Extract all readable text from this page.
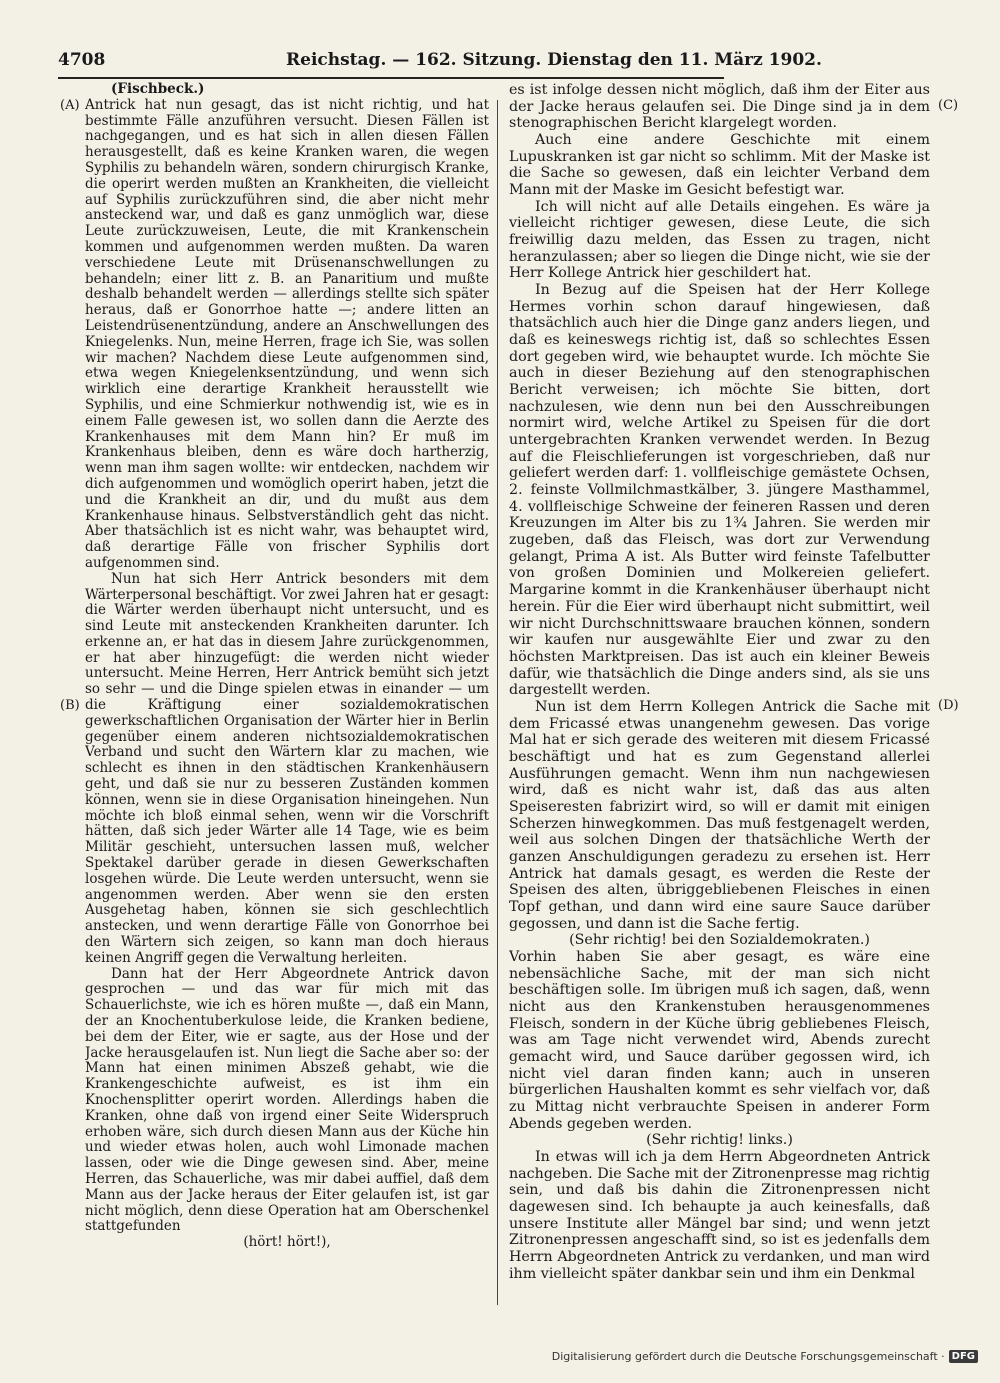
4708	Reichstag. — 162. Sitzung. Dienstag den 11. März 1902.
(A)
(B)
(C)
(D)

(Fischbeck.)

Antrick hat nun gesagt, das ist nicht richtig, und hat bestimmte Fälle anzuführen versucht. Diesen Fällen ist nachgegangen, und es hat sich in allen diesen Fällen herausgestellt, daß es keine Kranken waren, die wegen Syphilis zu behandeln wären, sondern chirurgisch Kranke, die operirt werden mußten an Krankheiten, die vielleicht auf Syphilis zurückzuführen sind, die aber nicht mehr ansteckend war, und daß es ganz unmöglich war, diese Leute zurückzuweisen, Leute, die mit Krankenschein kommen und aufgenommen werden mußten. Da waren verschiedene Leute mit Drüsenanschwellungen zu behandeln; einer litt z. B. an Panaritium und mußte deshalb behandelt werden — allerdings stellte sich später heraus, daß er Gonorrhoe hatte —; andere litten an Leistendrüsenentzündung, andere an Anschwellungen des Kniegelenks. Nun, meine Herren, frage ich Sie, was sollen wir machen? Nachdem diese Leute aufgenommen sind, etwa wegen Kniegelenksentzündung, und wenn sich wirklich eine derartige Krankheit herausstellt wie Syphilis, und eine Schmierkur nothwendig ist, wie es in einem Falle gewesen ist, wo sollen dann die Aerzte des Krankenhauses mit dem Mann hin? Er muß im Krankenhaus bleiben, denn es wäre doch hartherzig, wenn man ihm sagen wollte: wir entdecken, nachdem wir dich aufgenommen und womöglich operirt haben, jetzt die und die Krankheit an dir, und du mußt aus dem Krankenhause hinaus. Selbstverständlich geht das nicht. Aber thatsächlich ist es nicht wahr, was behauptet wird, daß derartige Fälle von frischer Syphilis dort aufgenommen sind.

Nun hat sich Herr Antrick besonders mit dem Wärterpersonal beschäftigt. Vor zwei Jahren hat er gesagt: die Wärter werden überhaupt nicht untersucht, und es sind Leute mit ansteckenden Krankheiten darunter. Ich erkenne an, er hat das in diesem Jahre zurückgenommen, er hat aber hinzugefügt: die werden nicht wieder untersucht. Meine Herren, Herr Antrick bemüht sich jetzt so sehr — und die Dinge spielen etwas in einander — um die Kräftigung einer sozialdemokratischen gewerkschaftlichen Organisation der Wärter hier in Berlin gegenüber einem anderen nichtsozialdemokratischen Verband und sucht den Wärtern klar zu machen, wie schlecht es ihnen in den städtischen Krankenhäusern geht, und daß sie nur zu besseren Zuständen kommen können, wenn sie in diese Organisation hineingehen. Nun möchte ich bloß einmal sehen, wenn wir die Vorschrift hätten, daß sich jeder Wärter alle 14 Tage, wie es beim Militär geschieht, untersuchen lassen muß, welcher Spektakel darüber gerade in diesen Gewerkschaften losgehen würde. Die Leute werden untersucht, wenn sie angenommen werden. Aber wenn sie den ersten Ausgehetag haben, können sie sich geschlechtlich anstecken, und wenn derartige Fälle von Gonorrhoe bei den Wärtern sich zeigen, so kann man doch hieraus keinen Angriff gegen die Verwaltung herleiten.

Dann hat der Herr Abgeordnete Antrick davon gesprochen — und das war für mich mit das Schauerlichste, wie ich es hören mußte —, daß ein Mann, der an Knochentuberkulose leide, die Kranken bediene, bei dem der Eiter, wie er sagte, aus der Hose und der Jacke herausgelaufen ist. Nun liegt die Sache aber so: der Mann hat einen minimen Abszeß gehabt, wie die Krankengeschichte aufweist, es ist ihm ein Knochensplitter operirt worden. Allerdings haben die Kranken, ohne daß von irgend einer Seite Widerspruch erhoben wäre, sich durch diesen Mann aus der Küche hin und wieder etwas holen, auch wohl Limonade machen lassen, oder wie die Dinge gewesen sind. Aber, meine Herren, das Schauerliche, was mir dabei auffiel, daß dem Mann aus der Jacke heraus der Eiter gelaufen ist, ist gar nicht möglich, denn diese Operation hat am Oberschenkel stattgefunden

(hört! hört!),

es ist infolge dessen nicht möglich, daß ihm der Eiter aus der Jacke heraus gelaufen sei. Die Dinge sind ja in dem stenographischen Bericht klargelegt worden.

Auch eine andere Geschichte mit einem Lupuskranken ist gar nicht so schlimm. Mit der Maske ist die Sache so gewesen, daß ein leichter Verband dem Mann mit der Maske im Gesicht befestigt war.

Ich will nicht auf alle Details eingehen. Es wäre ja vielleicht richtiger gewesen, diese Leute, die sich freiwillig dazu melden, das Essen zu tragen, nicht heranzulassen; aber so liegen die Dinge nicht, wie sie der Herr Kollege Antrick hier geschildert hat.

In Bezug auf die Speisen hat der Herr Kollege Hermes vorhin schon darauf hingewiesen, daß thatsächlich auch hier die Dinge ganz anders liegen, und daß es keineswegs richtig ist, daß so schlechtes Essen dort gegeben wird, wie behauptet wurde. Ich möchte Sie auch in dieser Beziehung auf den stenographischen Bericht verweisen; ich möchte Sie bitten, dort nachzulesen, wie denn nun bei den Ausschreibungen normirt wird, welche Artikel zu Speisen für die dort untergebrachten Kranken verwendet werden. In Bezug auf die Fleischlieferungen ist vorgeschrieben, daß nur geliefert werden darf: 1. vollfleischige gemästete Ochsen, 2. feinste Vollmilchmastkälber, 3. jüngere Masthammel, 4. vollfleischige Schweine der feineren Rassen und deren Kreuzungen im Alter bis zu 1¾ Jahren. Sie werden mir zugeben, daß das Fleisch, was dort zur Verwendung gelangt, Prima A ist. Als Butter wird feinste Tafelbutter von großen Dominien und Molkereien geliefert. Margarine kommt in die Krankenhäuser überhaupt nicht herein. Für die Eier wird überhaupt nicht submittirt, weil wir nicht Durchschnittswaare brauchen können, sondern wir kaufen nur ausgewählte Eier und zwar zu den höchsten Marktpreisen. Das ist auch ein kleiner Beweis dafür, wie thatsächlich die Dinge anders sind, als sie uns dargestellt werden.

Nun ist dem Herrn Kollegen Antrick die Sache mit dem Fricassé etwas unangenehm gewesen. Das vorige Mal hat er sich gerade des weiteren mit diesem Fricassé beschäftigt und hat es zum Gegenstand allerlei Ausführungen gemacht. Wenn ihm nun nachgewiesen wird, daß es nicht wahr ist, daß das aus alten Speiseresten fabrizirt wird, so will er damit mit einigen Scherzen hinwegkommen. Das muß festgenagelt werden, weil aus solchen Dingen der thatsächliche Werth der ganzen Anschuldigungen geradezu zu ersehen ist. Herr Antrick hat damals gesagt, es werden die Reste der Speisen des alten, übriggebliebenen Fleisches in einen Topf gethan, und dann wird eine saure Sauce darüber gegossen, und dann ist die Sache fertig.

(Sehr richtig! bei den Sozialdemokraten.)

Vorhin haben Sie aber gesagt, es wäre eine nebensächliche Sache, mit der man sich nicht beschäftigen solle. Im übrigen muß ich sagen, daß, wenn nicht aus den Krankenstuben herausgenommenes Fleisch, sondern in der Küche übrig gebliebenes Fleisch, was am Tage nicht verwendet wird, Abends zurecht gemacht wird, und Sauce darüber gegossen wird, ich nicht viel daran finden kann; auch in unseren bürgerlichen Haushalten kommt es sehr vielfach vor, daß zu Mittag nicht verbrauchte Speisen in anderer Form Abends gegeben werden.

(Sehr richtig! links.)

In etwas will ich ja dem Herrn Abgeordneten Antrick nachgeben. Die Sache mit der Zitronenpresse mag richtig sein, und daß bis dahin die Zitronenpressen nicht dagewesen sind. Ich behaupte ja auch keinesfalls, daß unsere Institute aller Mängel bar sind; und wenn jetzt Zitronenpressen angeschafft sind, so ist es jedenfalls dem Herrn Abgeordneten Antrick zu verdanken, und man wird ihm vielleicht später dankbar sein und ihm ein Denkmal

Digitalisierung gefördert durch die Deutsche Forschungsgemeinschaft · DFG
